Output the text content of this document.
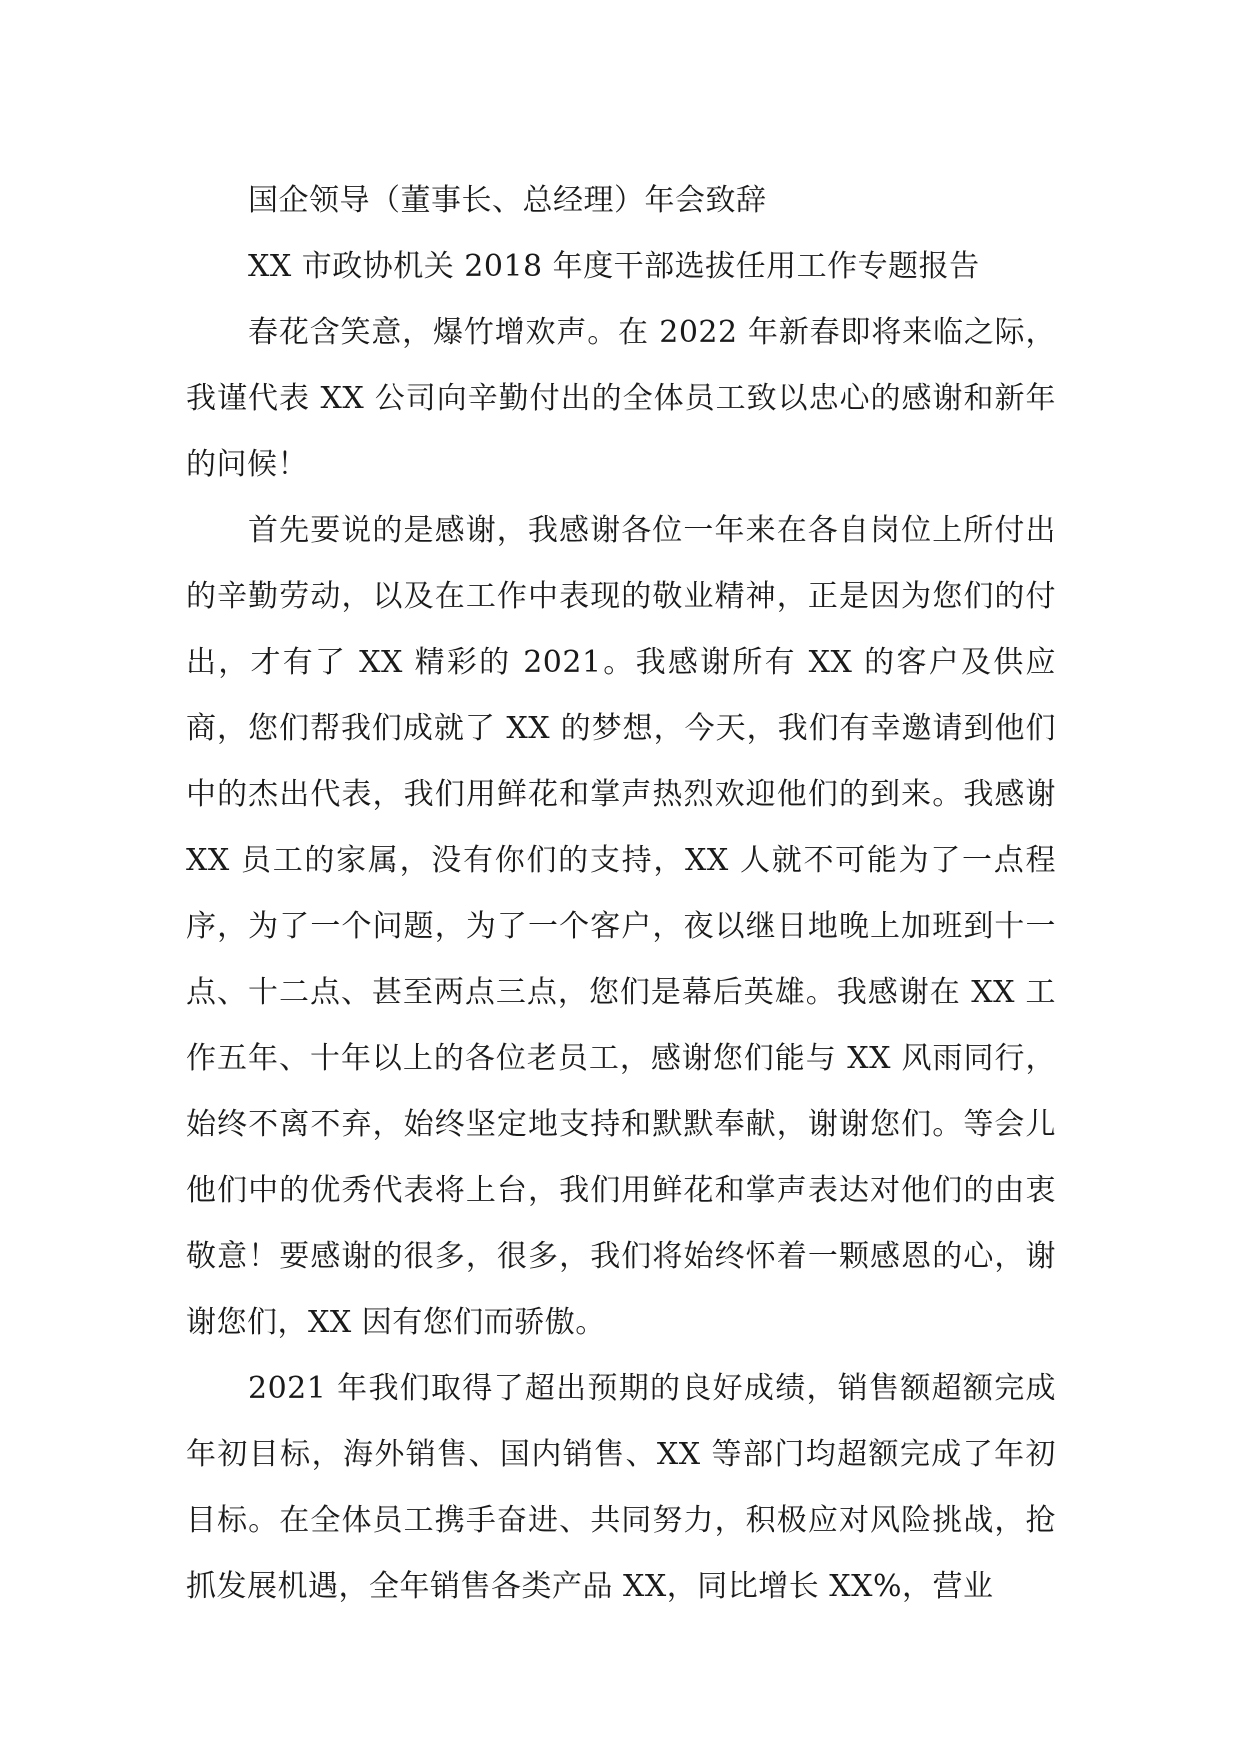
国企领导（董事长、总经理）年会致辞

XX 市政协机关 2018 年度干部选拔任用工作专题报告

春花含笑意，爆竹增欢声。在 2022 年新春即将来临之际，我谨代表 XX 公司向辛勤付出的全体员工致以忠心的感谢和新年的问候！

首先要说的是感谢，我感谢各位一年来在各自岗位上所付出的辛勤劳动，以及在工作中表现的敬业精神，正是因为您们的付出，才有了 XX 精彩的 2021。我感谢所有 XX 的客户及供应商，您们帮我们成就了 XX 的梦想，今天，我们有幸邀请到他们中的杰出代表，我们用鲜花和掌声热烈欢迎他们的到来。我感谢 XX 员工的家属，没有你们的支持，XX 人就不可能为了一点程序，为了一个问题，为了一个客户，夜以继日地晚上加班到十一点、十二点、甚至两点三点，您们是幕后英雄。我感谢在 XX 工作五年、十年以上的各位老员工，感谢您们能与 XX 风雨同行，始终不离不弃，始终坚定地支持和默默奉献，谢谢您们。等会儿他们中的优秀代表将上台，我们用鲜花和掌声表达对他们的由衷敬意！要感谢的很多，很多，我们将始终怀着一颗感恩的心，谢谢您们，XX 因有您们而骄傲。

2021 年我们取得了超出预期的良好成绩，销售额超额完成年初目标，海外销售、国内销售、XX 等部门均超额完成了年初目标。在全体员工携手奋进、共同努力，积极应对风险挑战，抢抓发展机遇，全年销售各类产品 XX，同比增长 XX%，营业
